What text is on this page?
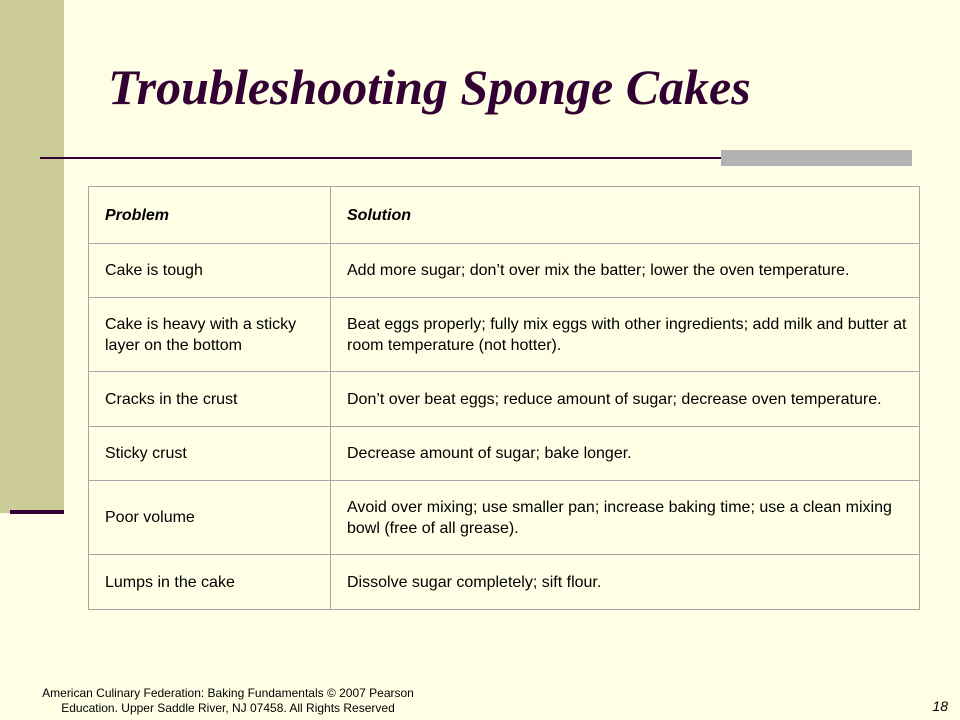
Troubleshooting Sponge Cakes
Problem	Solution
Cake is tough	Add more sugar; don’t over mix the batter; lower the oven temperature.
Cake is heavy with a sticky layer on the bottom	Beat eggs properly; fully mix eggs with other ingredients; add milk and butter at room temperature (not hotter).
Cracks in the crust	Don’t over beat eggs; reduce amount of sugar; decrease oven temperature.
Sticky crust	Decrease amount of sugar; bake longer.
Poor volume	Avoid over mixing; use smaller pan; increase baking time; use a clean mixing bowl (free of all grease).
Lumps in the cake	Dissolve sugar completely; sift flour.
American Culinary Federation: Baking Fundamentals © 2007 Pearson
Education. Upper Saddle River, NJ 07458. All Rights Reserved	18
